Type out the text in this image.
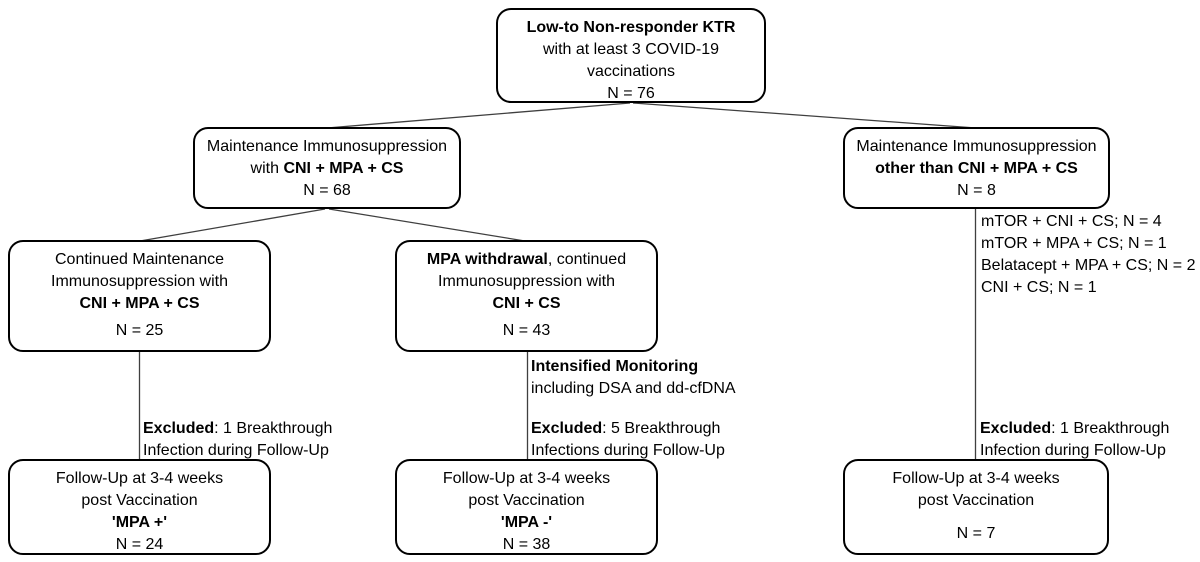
Low-to Non-responder KTR
with at least 3 COVID-19
vaccinations
N = 76
Maintenance Immunosuppression
with CNI + MPA + CS
N = 68
Maintenance Immunosuppression
other than CNI + MPA + CS
N = 8
Continued Maintenance
Immunosuppression with
CNI + MPA + CS
N = 25
MPA withdrawal, continued
Immunosuppression with
CNI + CS
N = 43
mTOR + CNI + CS; N = 4
mTOR + MPA + CS; N = 1
Belatacept + MPA + CS; N = 2
CNI + CS; N = 1
Intensified Monitoring
including DSA and dd-cfDNA
Excluded: 1 Breakthrough
Infection during Follow-Up
Excluded: 5 Breakthrough
Infections during Follow-Up
Excluded: 1 Breakthrough
Infection during Follow-Up
Follow-Up at 3-4 weeks
post Vaccination
'MPA +'
N = 24
Follow-Up at 3-4 weeks
post Vaccination
'MPA -'
N = 38
Follow-Up at 3-4 weeks
post Vaccination
N = 7
